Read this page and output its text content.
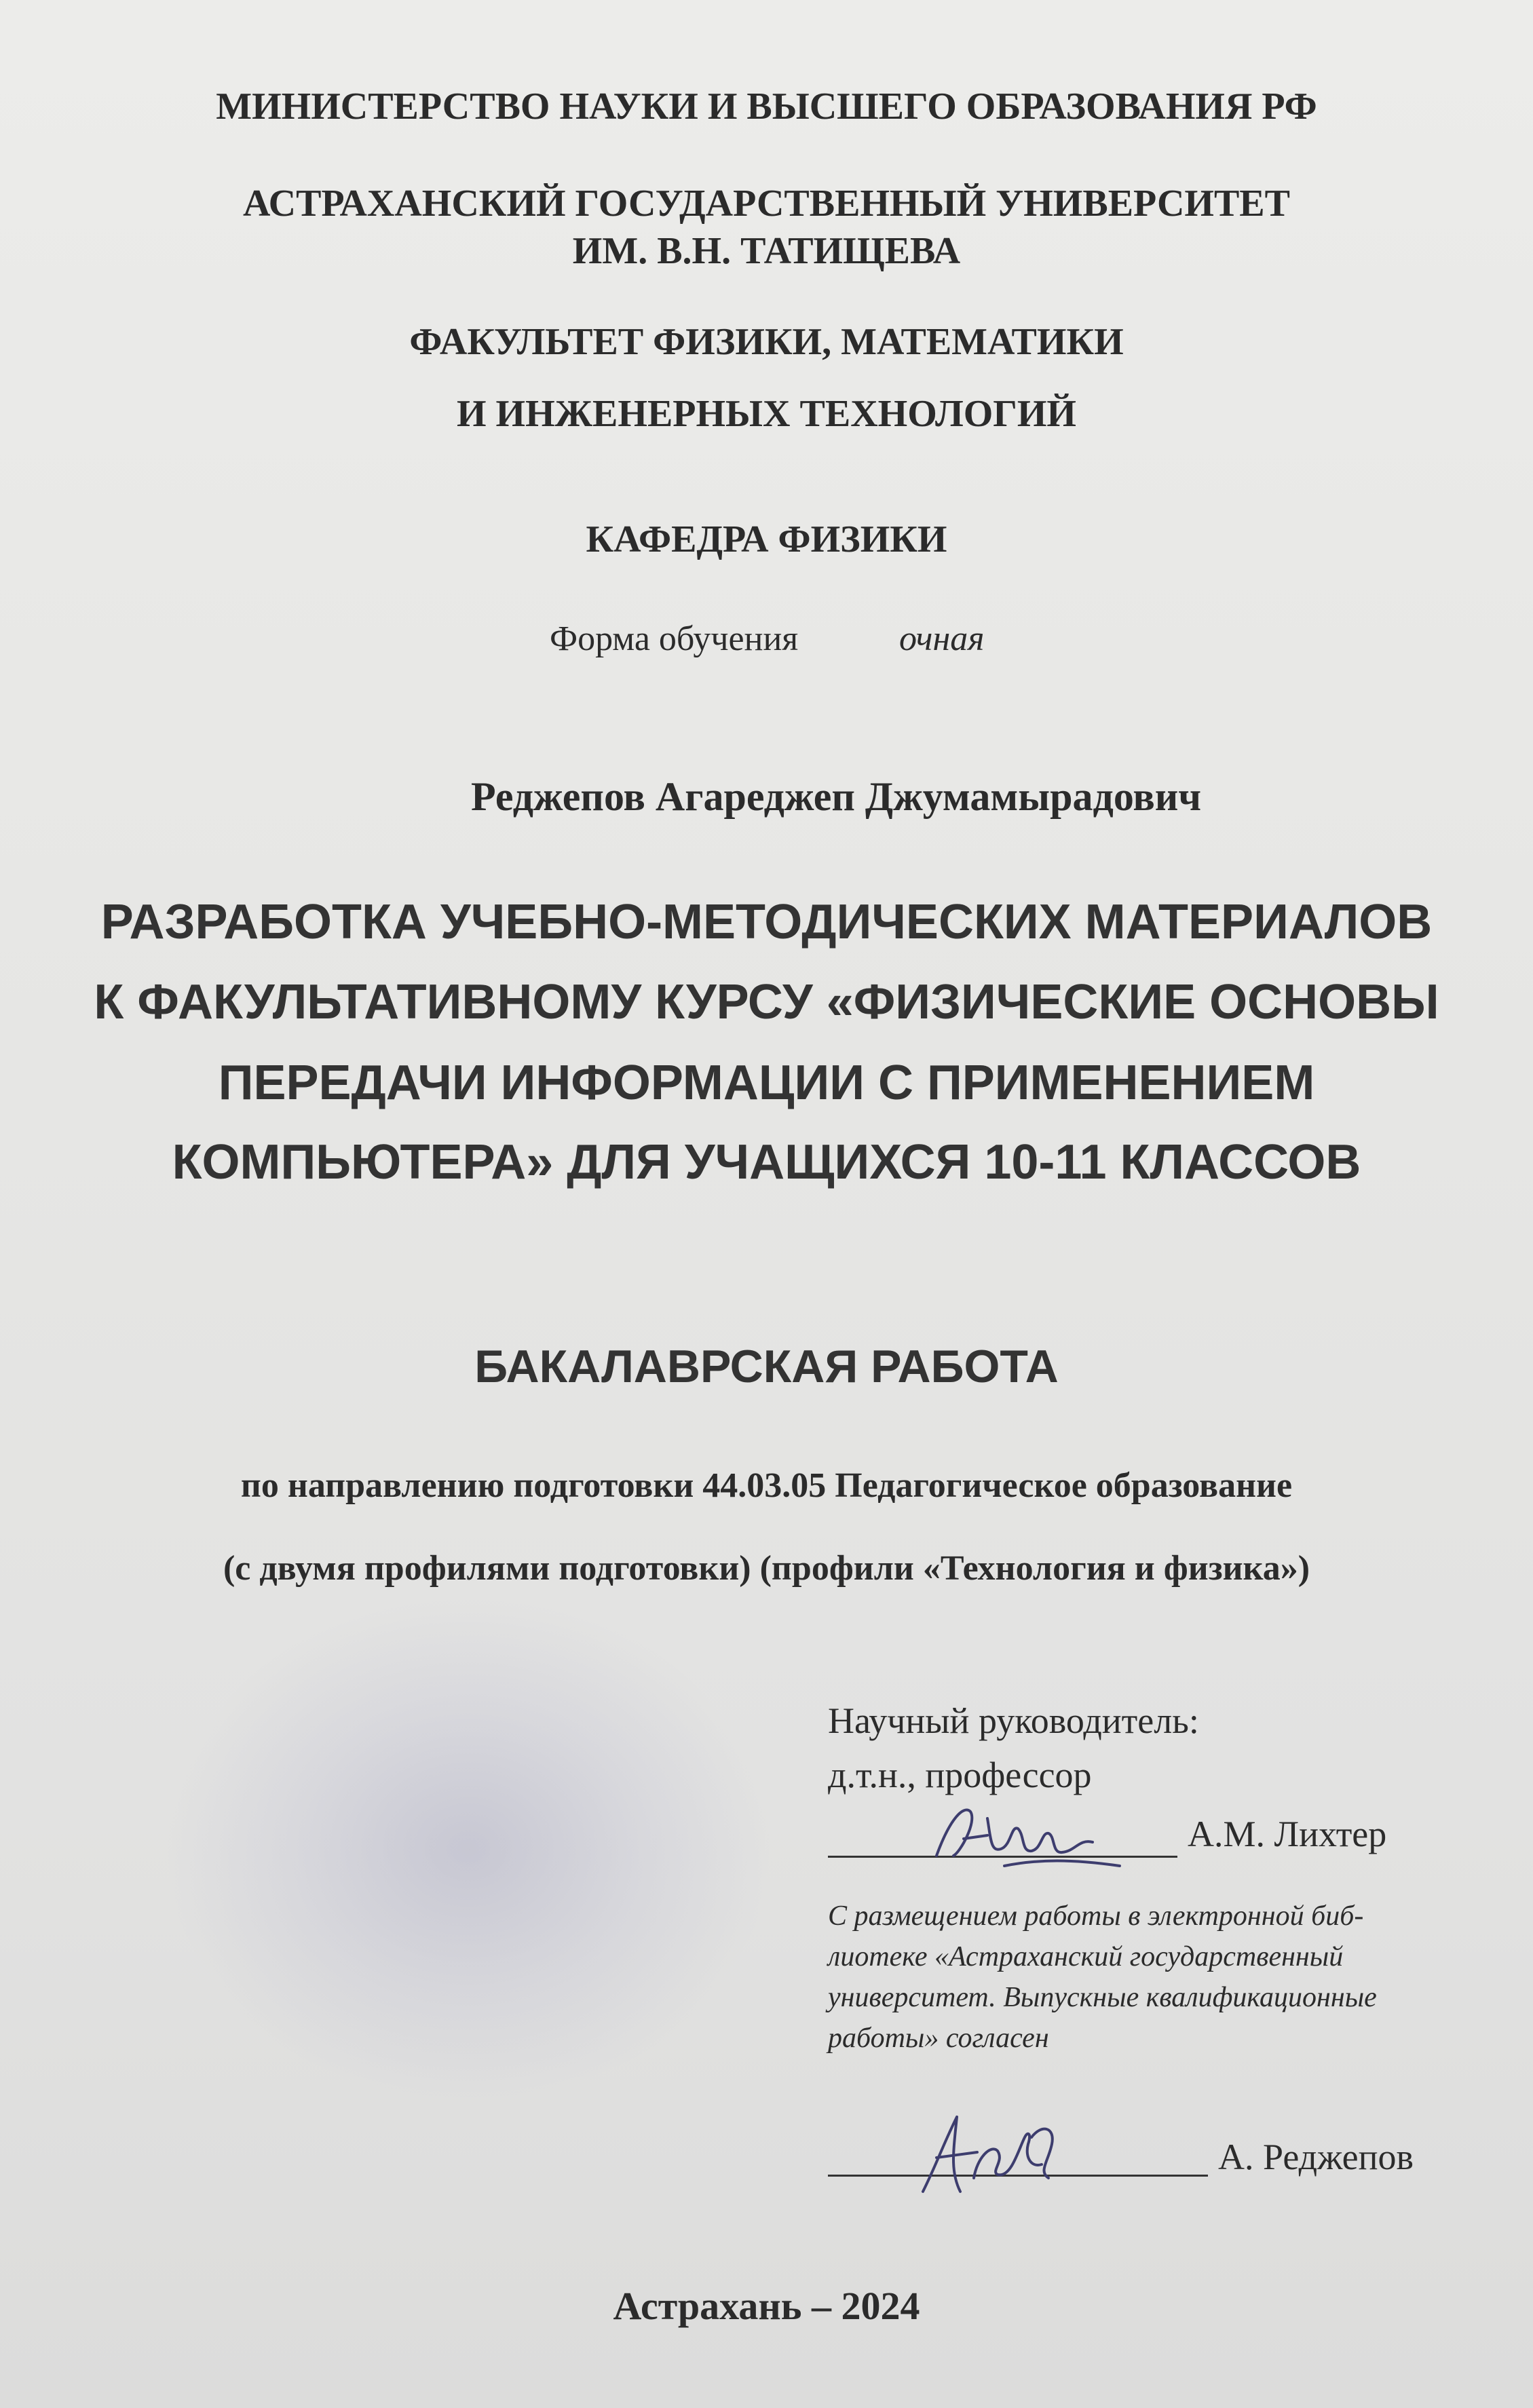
МИНИСТЕРСТВО НАУКИ И ВЫСШЕГО ОБРАЗОВАНИЯ РФ
АСТРАХАНСКИЙ ГОСУДАРСТВЕННЫЙ УНИВЕРСИТЕТ
ИМ. В.Н. ТАТИЩЕВА
ФАКУЛЬТЕТ ФИЗИКИ, МАТЕМАТИКИ
И ИНЖЕНЕРНЫХ ТЕХНОЛОГИЙ
КАФЕДРА ФИЗИКИ
Форма обучения	очная
Реджепов Агареджеп Джумамырадович
РАЗРАБОТКА УЧЕБНО-МЕТОДИЧЕСКИХ МАТЕРИАЛОВ
К ФАКУЛЬТАТИВНОМУ КУРСУ «ФИЗИЧЕСКИЕ ОСНОВЫ
ПЕРЕДАЧИ ИНФОРМАЦИИ С ПРИМЕНЕНИЕМ
КОМПЬЮТЕРА» ДЛЯ УЧАЩИХСЯ 10-11 КЛАССОВ
БАКАЛАВРСКАЯ РАБОТА
по направлению подготовки 44.03.05 Педагогическое образование
(с двумя профилями подготовки) (профили «Технология и физика»)
Научный руководитель:
д.т.н., профессор
А.М. Лихтер
С размещением работы в электронной биб-
лиотеке «Астраханский государственный
университет. Выпускные квалификационные
работы» согласен
А. Реджепов
Астрахань – 2024
